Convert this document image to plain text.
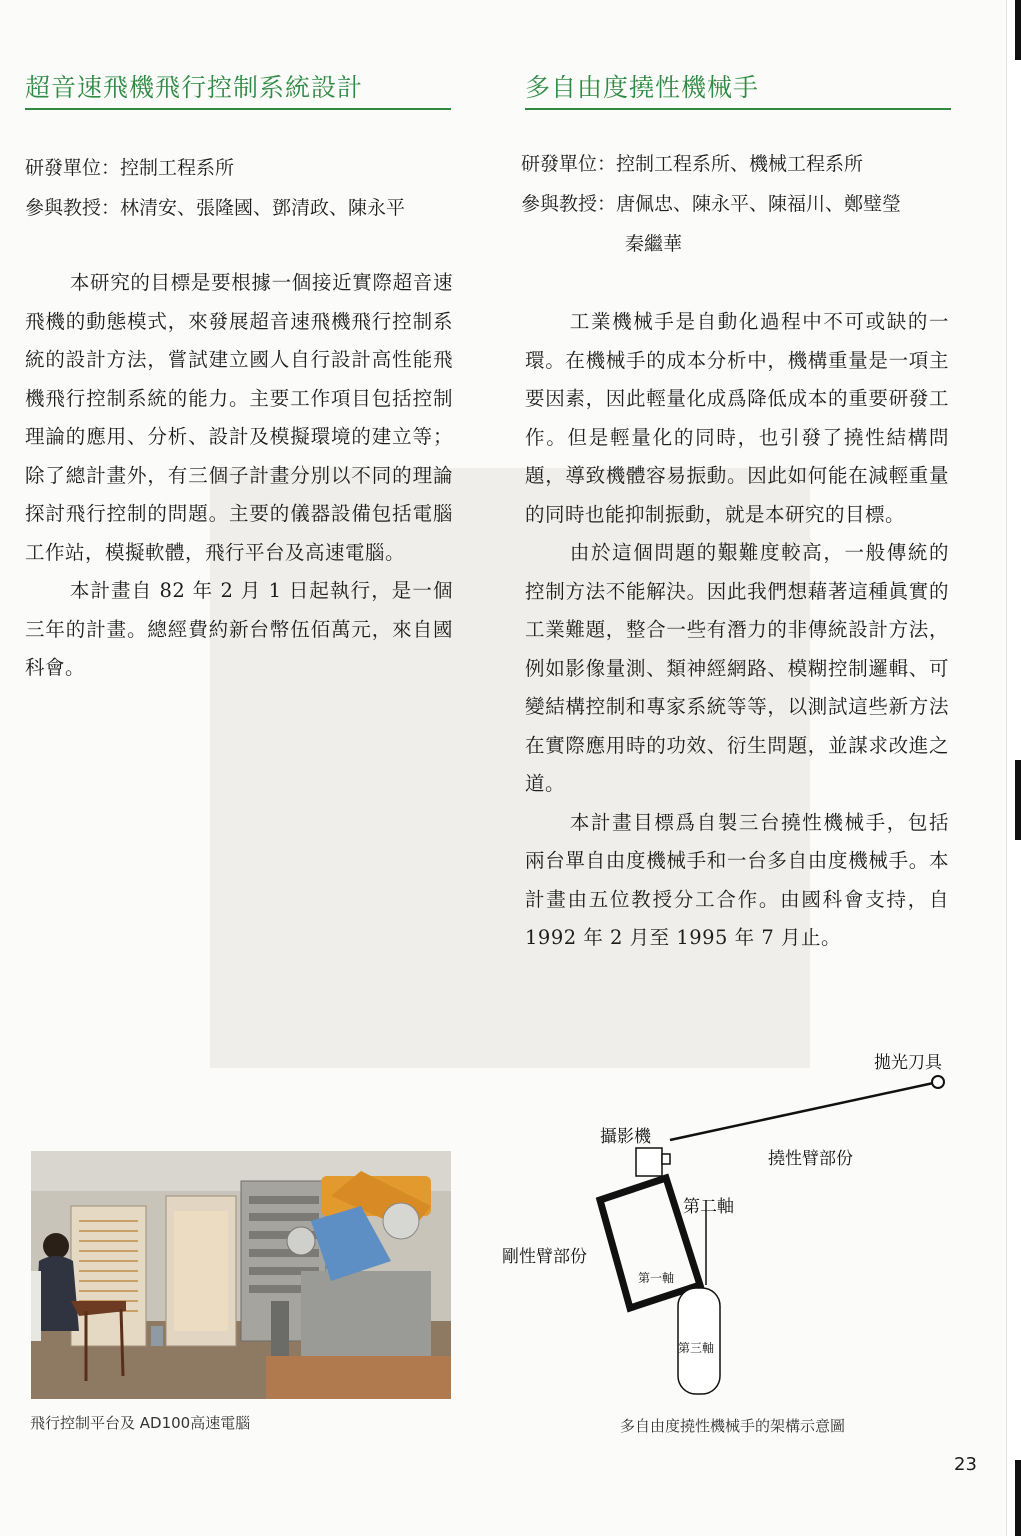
超音速飛機飛行控制系統設計
研發單位：控制工程系所
參與教授：林清安、張隆國、鄧清政、陳永平

本研究的目標是要根據一個接近實際超音速飛機的動態模式，來發展超音速飛機飛行控制系統的設計方法，嘗試建立國人自行設計高性能飛機飛行控制系統的能力。主要工作項目包括控制理論的應用、分析、設計及模擬環境的建立等；除了總計畫外，有三個子計畫分別以不同的理論探討飛行控制的問題。主要的儀器設備包括電腦工作站，模擬軟體，飛行平台及高速電腦。

本計畫自 82 年 2 月 1 日起執行，是一個三年的計畫。總經費約新台幣伍佰萬元，來自國科會。

多自由度撓性機械手
研發單位：控制工程系所、機械工程系所
參與教授：唐佩忠、陳永平、陳福川、鄭璧瑩
秦繼華

工業機械手是自動化過程中不可或缺的一環。在機械手的成本分析中，機構重量是一項主要因素，因此輕量化成爲降低成本的重要研發工作。但是輕量化的同時，也引發了撓性結構問題，導致機體容易振動。因此如何能在減輕重量的同時也能抑制振動，就是本研究的目標。

由於這個問題的艱難度較高，一般傳統的控制方法不能解決。因此我們想藉著這種眞實的工業難題，整合一些有潛力的非傳統設計方法，例如影像量測、類神經網路、模糊控制邏輯、可變結構控制和專家系統等等，以測試這些新方法在實際應用時的功效、衍生問題，並謀求改進之道。

本計畫目標爲自製三台撓性機械手，包括兩台單自由度機械手和一台多自由度機械手。本計畫由五位教授分工合作。由國科會支持，自 1992 年 2 月至 1995 年 7 月止。

飛行控制平台及 AD100高速電腦
拋光刀具
攝影機
撓性臂部份
第二軸
剛性臂部份
第一軸
第三軸
多自由度撓性機械手的架構示意圖
23
